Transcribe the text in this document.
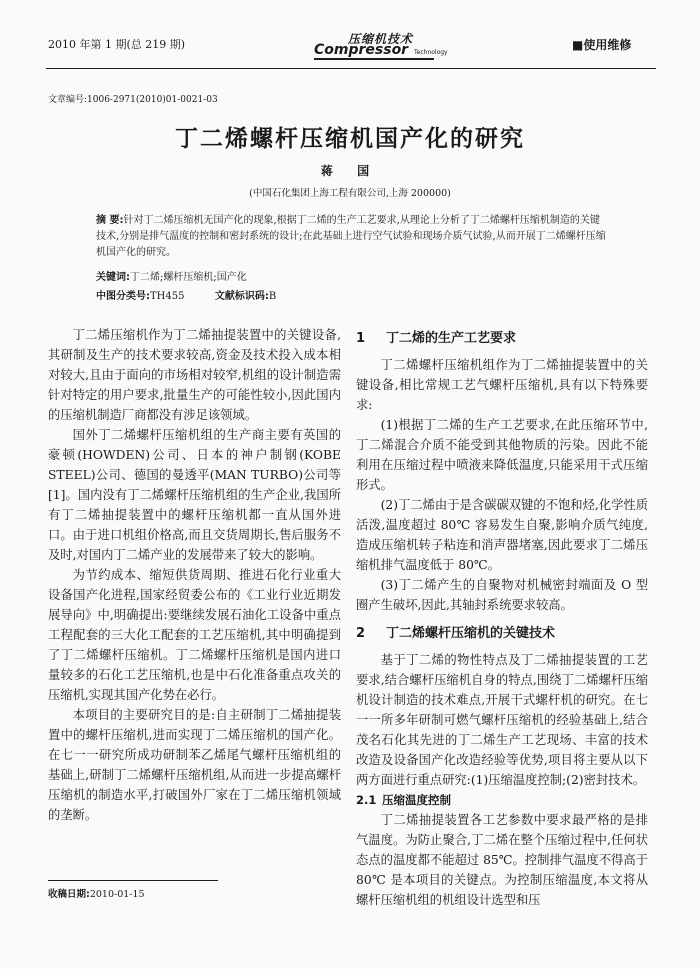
2010 年第 1 期(总 219 期)	压缩机技术
Compressor Technology
■使用维修
文章编号:1006-2971(2010)01-0021-03
丁二烯螺杆压缩机国产化的研究
蒋 国
(中国石化集团上海工程有限公司,上海 200000)
摘 要:针对丁二烯压缩机无国产化的现象,根据丁二烯的生产工艺要求,从理论上分析了丁二烯螺杆压缩机制造的关键技术,分别是排气温度的控制和密封系统的设计;在此基础上进行空气试验和现场介质气试验,从而开展丁二烯螺杆压缩机国产化的研究。
关键词:丁二烯;螺杆压缩机;国产化
中图分类号:TH455	文献标识码:B

丁二烯压缩机作为丁二烯抽提装置中的关键设备,其研制及生产的技术要求较高,资金及技术投入成本相对较大,且由于面向的市场相对较窄,机组的设计制造需针对特定的用户要求,批量生产的可能性较小,因此国内的压缩机制造厂商都没有涉足该领域。

国外丁二烯螺杆压缩机组的生产商主要有英国的豪顿(HOWDEN)公司、日本的神户制钢(KOBE STEEL)公司、德国的曼透平(MAN TURBO)公司等[1]。国内没有丁二烯螺杆压缩机组的生产企业,我国所有丁二烯抽提装置中的螺杆压缩机都一直从国外进口。由于进口机组价格高,而且交货周期长,售后服务不及时,对国内丁二烯产业的发展带来了较大的影响。

为节约成本、缩短供货周期、推进石化行业重大设备国产化进程,国家经贸委公布的《工业行业近期发展导向》中,明确提出:要继续发展石油化工设备中重点工程配套的三大化工配套的工艺压缩机,其中明确提到了丁二烯螺杆压缩机。丁二烯螺杆压缩机是国内进口量较多的石化工艺压缩机,也是中石化准备重点攻关的压缩机,实现其国产化势在必行。

本项目的主要研究目的是:自主研制丁二烯抽提装置中的螺杆压缩机,进而实现丁二烯压缩机的国产化。在七一一研究所成功研制苯乙烯尾气螺杆压缩机组的基础上,研制丁二烯螺杆压缩机组,从而进一步提高螺杆压缩机的制造水平,打破国外厂家在丁二烯压缩机领域的垄断。

1 丁二烯的生产工艺要求

丁二烯螺杆压缩机组作为丁二烯抽提装置中的关键设备,相比常规工艺气螺杆压缩机,具有以下特殊要求:

(1)根据丁二烯的生产工艺要求,在此压缩环节中,丁二烯混合介质不能受到其他物质的污染。因此不能利用在压缩过程中喷液来降低温度,只能采用干式压缩形式。

(2)丁二烯由于是含碳碳双键的不饱和烃,化学性质活泼,温度超过 80℃ 容易发生自聚,影响介质气纯度,造成压缩机转子粘连和消声器堵塞,因此要求丁二烯压缩机排气温度低于 80℃。

(3)丁二烯产生的自聚物对机械密封端面及 O 型圈产生破坏,因此,其轴封系统要求较高。

2 丁二烯螺杆压缩机的关键技术

基于丁二烯的物性特点及丁二烯抽提装置的工艺要求,结合螺杆压缩机自身的特点,围绕丁二烯螺杆压缩机设计制造的技术难点,开展干式螺杆机的研究。在七一一所多年研制可燃气螺杆压缩机的经验基础上,结合茂名石化其先进的丁二烯生产工艺现场、丰富的技术改造及设备国产化改造经验等优势,项目将主要从以下两方面进行重点研究:(1)压缩温度控制;(2)密封技术。

2.1 压缩温度控制

丁二烯抽提装置各工艺参数中要求最严格的是排气温度。为防止聚合,丁二烯在整个压缩过程中,任何状态点的温度都不能超过 85℃。控制排气温度不得高于 80℃ 是本项目的关键点。为控制压缩温度,本文将从螺杆压缩机组的机组设计选型和压

收稿日期:2010-01-15
